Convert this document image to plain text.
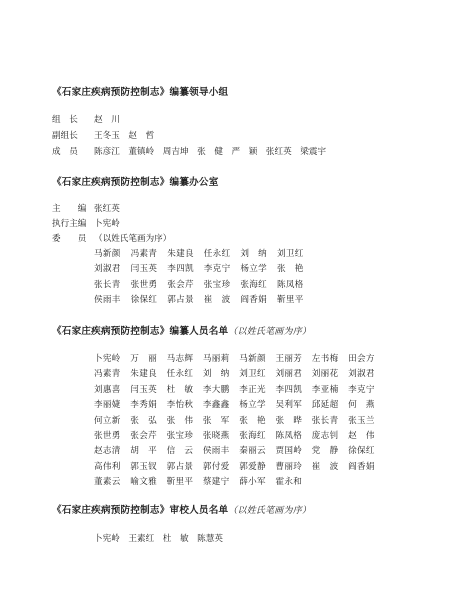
《石家庄疾病预防控制志》编纂领导小组
组　长 赵　川
副组长 王冬玉　赵　哲
成　员 陈彦江　董镇岭　周吉坤　张　健　严　颖　张红英　梁震宇
《石家庄疾病预防控制志》编纂办公室
主　　编 张红英
执行主编 卜宪岭
委　　员 （以姓氏笔画为序）
马新颜 冯素青 朱建良 任永红 刘　纳 刘卫红
刘淑君 闫玉英 李四凯 李克宁 杨立学 张　艳
张长青 张世勇 张会芹 张宝珍 张海红 陈凤格
侯雨丰 徐保红 郭占景 崔　波 阎香娟 靳里平
《石家庄疾病预防控制志》编纂人员名单（以姓氏笔画为序）
卜宪岭 万　丽 马志辉 马丽莉 马新颜 王丽芳 左书梅 田会方
冯素青 朱建良 任永红 刘　纳 刘卫红 刘丽君 刘丽花 刘淑君
刘惠喜 闫玉英 杜　敏 李大鹏 李正光 李四凯 李亚楠 李克宁
李丽婕 李秀娟 李怡秋 李鑫鑫 杨立学 吴利军 邱延超 何　燕
何立新 张　弘 张　伟 张　军 张　艳 张　晔 张长青 张玉兰
张世勇 张会芹 张宝珍 张晓燕 张海红 陈凤格 庞志钊 赵　伟
赵志清 胡　平 信　云 侯雨丰 秦丽云 贾国岭 党　静 徐保红
高伟利 郭玉钗 郭占景 郭付爱 郭爱静 曹丽玲 崔　波 阎香娟
董素云 喻文雅 靳里平 蔡建宁 薛小军 霍永和
《石家庄疾病预防控制志》审校人员名单（以姓氏笔画为序）
卜宪岭　王素红　杜　敏　陈慧英
